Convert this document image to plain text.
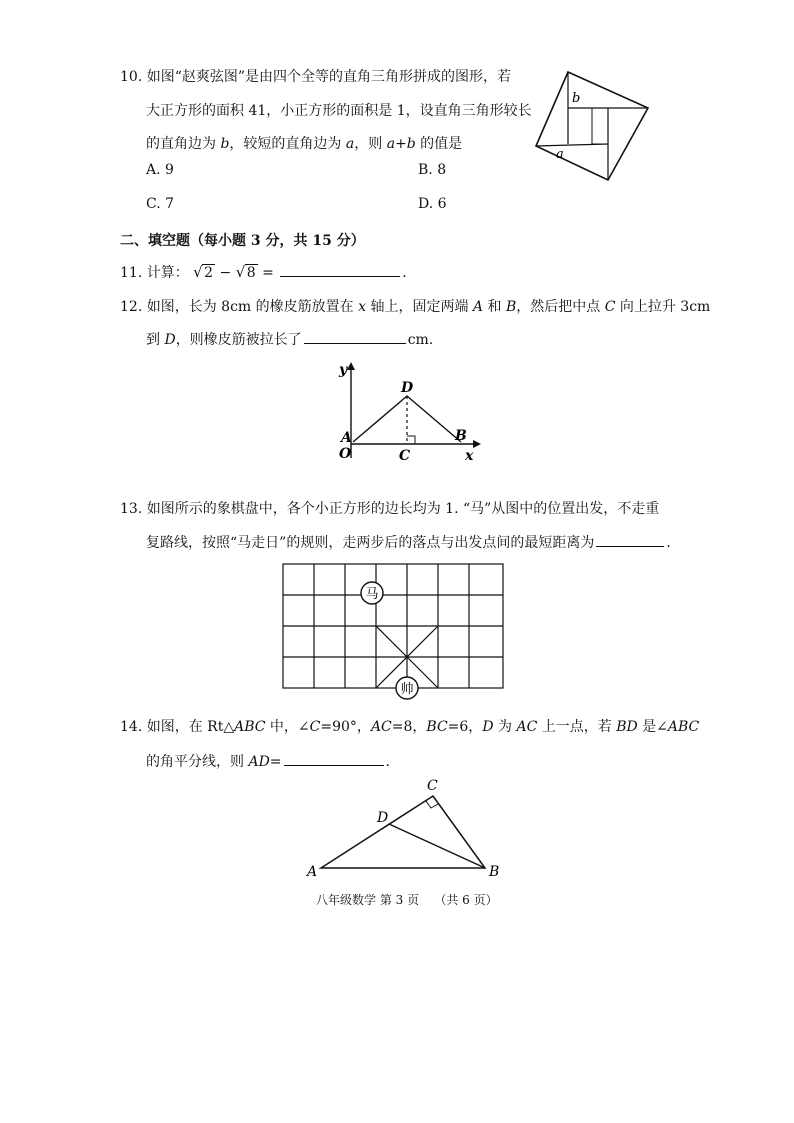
10. 如图“赵爽弦图”是由四个全等的直角三角形拼成的图形，若
大正方形的面积 41，小正方形的面积是 1，设直角三角形较长
的直角边为 b，较短的直角边为 a，则 a+b 的值是
A. 9	B. 8
C. 7	D. 6
b
a
二、填空题（每小题 3 分，共 15 分）
11. 计算： √ 2 − √ 8 =	.
12. 如图，长为 8cm 的橡皮筋放置在 x 轴上，固定两端 A 和 B，然后把中点 C 向上拉升 3cm
到 D，则橡皮筋被拉长了	cm.
y
D
A
O	C
B
x
13. 如图所示的象棋盘中，各个小正方形的边长均为 1. “马”从图中的位置出发，不走重
复路线，按照“马走日”的规则，走两步后的落点与出发点间的最短距离为	.
马
帅
14. 如图，在 Rt△ABC 中，∠C=90°，AC=8，BC=6，D 为 AC 上一点，若 BD 是∠ABC
的角平分线，则 AD=	.
C
D
A	B
八年级数学 第 3 页 （共 6 页）
